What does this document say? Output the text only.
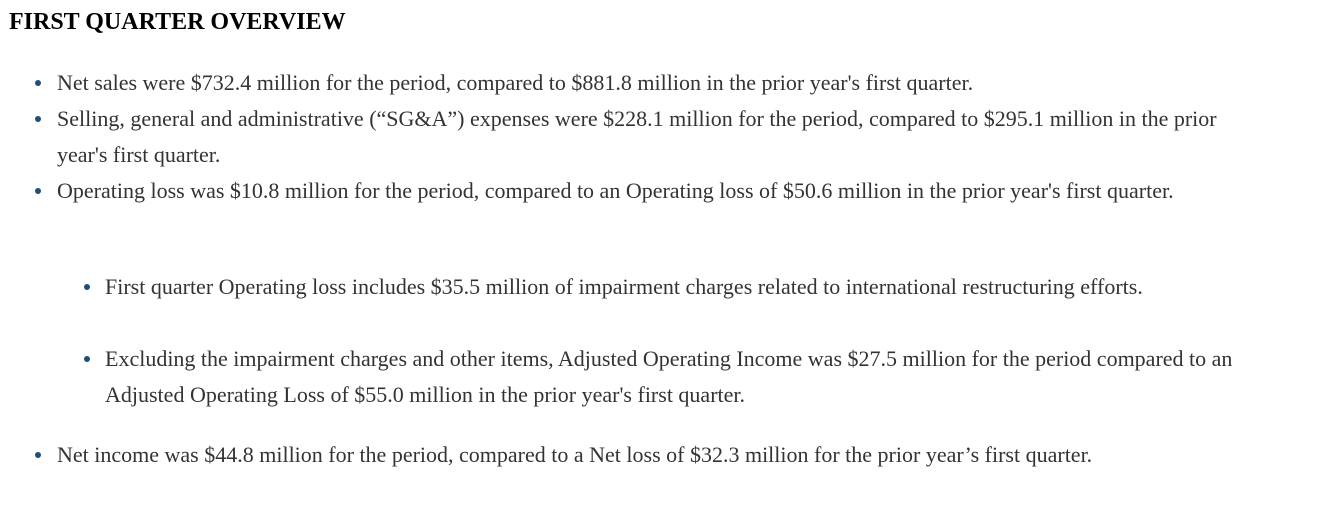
FIRST QUARTER OVERVIEW
Net sales were $732.4 million for the period, compared to $881.8 million in the prior year's first quarter.
Selling, general and administrative (“SG&A”) expenses were $228.1 million for the period, compared to $295.1 million in the prior year's first quarter.
Operating loss was $10.8 million for the period, compared to an Operating loss of $50.6 million in the prior year's first quarter.
First quarter Operating loss includes $35.5 million of impairment charges related to international restructuring efforts.
Excluding the impairment charges and other items, Adjusted Operating Income was $27.5 million for the period compared to an Adjusted Operating Loss of $55.0 million in the prior year's first quarter.
Net income was $44.8 million for the period, compared to a Net loss of $32.3 million for the prior year’s first quarter.
